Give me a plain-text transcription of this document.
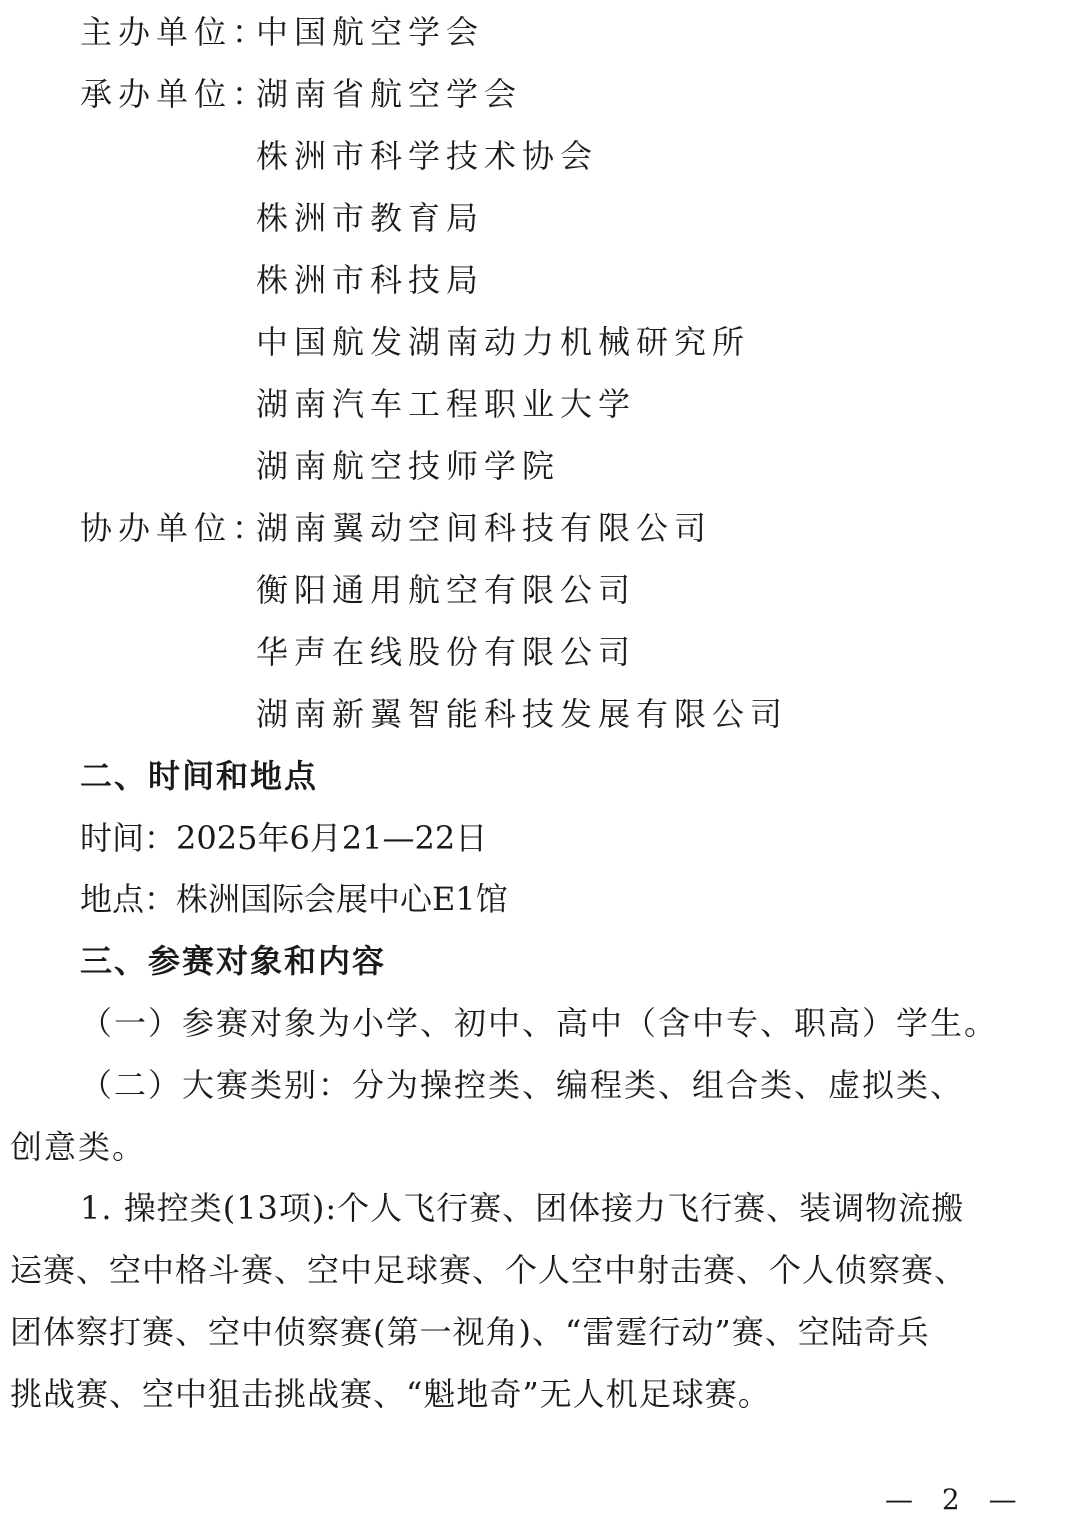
主办单位：中国航空学会
承办单位：湖南省航空学会
株洲市科学技术协会
株洲市教育局
株洲市科技局
中国航发湖南动力机械研究所
湖南汽车工程职业大学
湖南航空技师学院
协办单位：湖南翼动空间科技有限公司
衡阳通用航空有限公司
华声在线股份有限公司
湖南新翼智能科技发展有限公司
二、时间和地点
时间：2025年6月21—22日
地点：株洲国际会展中心E1馆
三、参赛对象和内容
（一）参赛对象为小学、初中、高中（含中专、职高）学生。
（二）大赛类别：分为操控类、编程类、组合类、虚拟类、
创意类。
1. 操控类(13项):个人飞行赛、团体接力飞行赛、装调物流搬
运赛、空中格斗赛、空中足球赛、个人空中射击赛、个人侦察赛、
团体察打赛、空中侦察赛(第一视角)、“雷霆行动”赛、空陆奇兵
挑战赛、空中狙击挑战赛、“魁地奇”无人机足球赛。
— 2 —
